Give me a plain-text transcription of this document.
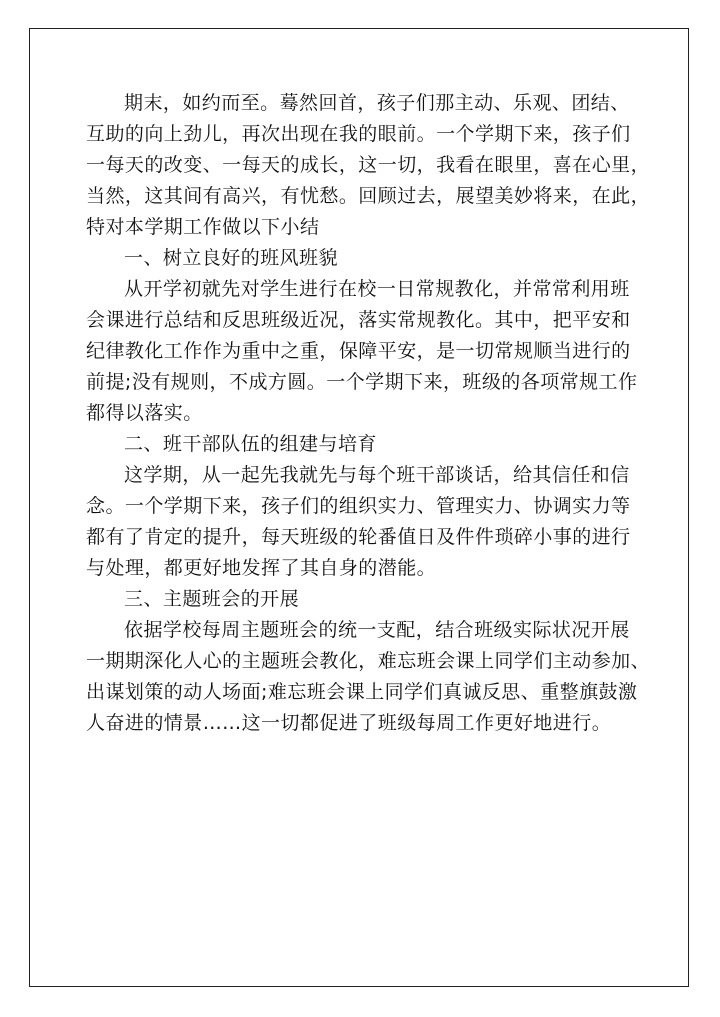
期末，如约而至。蓦然回首，孩子们那主动、乐观、团结、
互助的向上劲儿，再次出现在我的眼前。一个学期下来，孩子们
一每天的改变、一每天的成长，这一切，我看在眼里，喜在心里，
当然，这其间有高兴，有忧愁。回顾过去，展望美妙将来，在此，
特对本学期工作做以下小结
一、树立良好的班风班貌
从开学初就先对学生进行在校一日常规教化，并常常利用班
会课进行总结和反思班级近况，落实常规教化。其中，把平安和
纪律教化工作作为重中之重，保障平安，是一切常规顺当进行的
前提;没有规则，不成方圆。一个学期下来，班级的各项常规工作
都得以落实。
二、班干部队伍的组建与培育
这学期，从一起先我就先与每个班干部谈话，给其信任和信
念。一个学期下来，孩子们的组织实力、管理实力、协调实力等
都有了肯定的提升，每天班级的轮番值日及件件琐碎小事的进行
与处理，都更好地发挥了其自身的潜能。
三、主题班会的开展
依据学校每周主题班会的统一支配，结合班级实际状况开展
一期期深化人心的主题班会教化，难忘班会课上同学们主动参加、
出谋划策的动人场面;难忘班会课上同学们真诚反思、重整旗鼓激
人奋进的情景……这一切都促进了班级每周工作更好地进行。
